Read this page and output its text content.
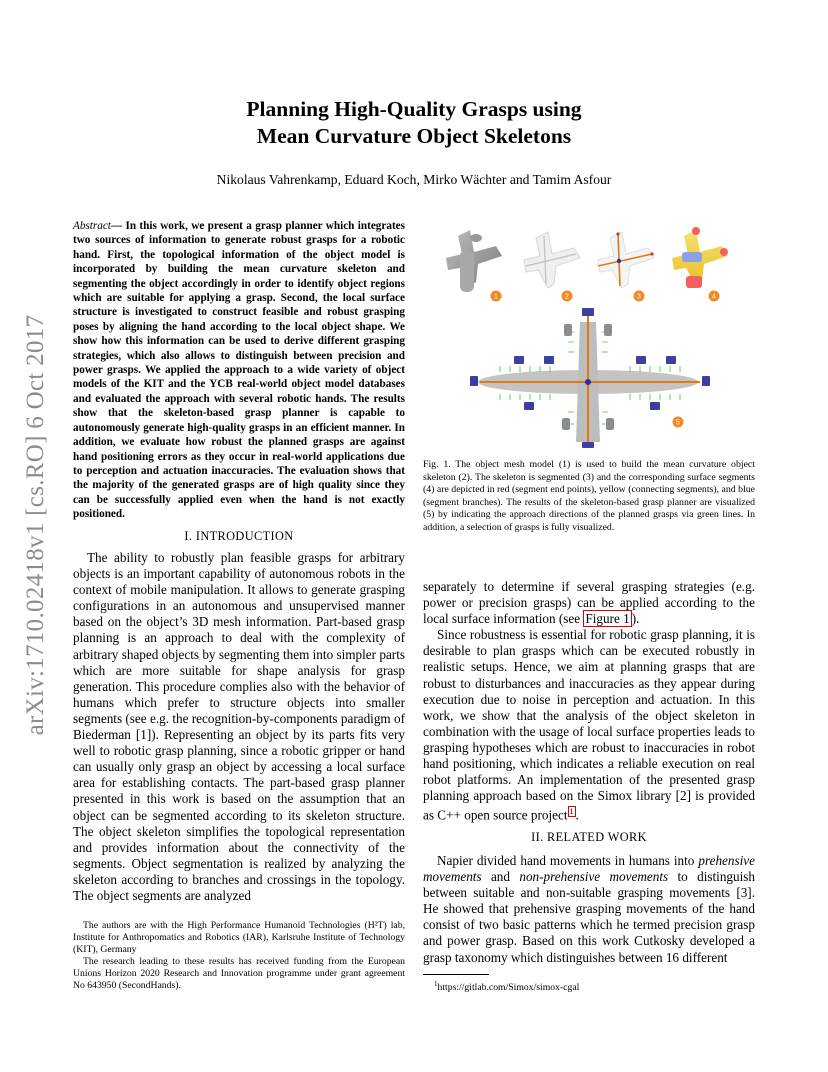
arXiv:1710.02418v1 [cs.RO] 6 Oct 2017
Planning High-Quality Grasps using
Mean Curvature Object Skeletons
Nikolaus Vahrenkamp, Eduard Koch, Mirko Wächter and Tamim Asfour
Abstract— In this work, we present a grasp planner which integrates two sources of information to generate robust grasps for a robotic hand. First, the topological information of the object model is incorporated by building the mean curvature skeleton and segmenting the object accordingly in order to identify object regions which are suitable for applying a grasp. Second, the local surface structure is investigated to construct feasible and robust grasping poses by aligning the hand according to the local object shape. We show how this information can be used to derive different grasping strategies, which also allows to distinguish between precision and power grasps. We applied the approach to a wide variety of object models of the KIT and the YCB real-world object model databases and evaluated the approach with several robotic hands. The results show that the skeleton-based grasp planner is capable to autonomously generate high-quality grasps in an efficient manner. In addition, we evaluate how robust the planned grasps are against hand positioning errors as they occur in real-world applications due to perception and actuation inaccuracies. The evaluation shows that the majority of the generated grasps are of high quality since they can be successfully applied even when the hand is not exactly positioned.
I. INTRODUCTION

The ability to robustly plan feasible grasps for arbitrary objects is an important capability of autonomous robots in the context of mobile manipulation. It allows to generate grasping configurations in an autonomous and unsupervised manner based on the object’s 3D mesh information. Part-based grasp planning is an approach to deal with the complexity of arbitrary shaped objects by segmenting them into simpler parts which are more suitable for shape analysis for grasp generation. This procedure complies also with the behavior of humans which prefer to structure objects into smaller segments (see e.g. the recognition-by-components paradigm of Biederman [1]). Representing an object by its parts fits very well to robotic grasp planning, since a robotic gripper or hand can usually only grasp an object by accessing a local surface area for establishing contacts. The part-based grasp planner presented in this work is based on the assumption that an object can be segmented according to its skeleton structure. The object skeleton simplifies the topological representation and provides information about the connectivity of the segments. Object segmentation is realized by analyzing the skeleton according to branches and crossings in the topology. The object segments are analyzed

The authors are with the High Performance Humanoid Technologies (H²T) lab, Institute for Anthropomatics and Robotics (IAR), Karlsruhe Institute of Technology (KIT), Germany

The research leading to these results has received funding from the European Unions Horizon 2020 Research and Innovation programme under grant agreement No 643950 (SecondHands).

1	2	3	4
5
Fig. 1. The object mesh model (1) is used to build the mean curvature object skeleton (2). The skeleton is segmented (3) and the corresponding surface segments (4) are depicted in red (segment end points), yellow (connecting segments), and blue (segment branches). The results of the skeleton-based grasp planner are visualized (5) by indicating the approach directions of the planned grasps via green lines. In addition, a selection of grasps is fully visualized.

separately to determine if several grasping strategies (e.g. power or precision grasps) can be applied according to the local surface information (see Figure 1 ).

Since robustness is essential for robotic grasp planning, it is desirable to plan grasps which can be executed robustly in realistic setups. Hence, we aim at planning grasps that are robust to disturbances and inaccuracies as they appear during execution due to noise in perception and actuation. In this work, we show that the analysis of the object skeleton in combination with the usage of local surface properties leads to grasping hypotheses which are robust to inaccuracies in robot hand positioning, which indicates a reliable execution on real robot platforms. An implementation of the presented grasp planning approach based on the Simox library [2] is provided as C++ open source project $^1$ .

II. RELATED WORK

Napier divided hand movements in humans into prehensive movements and non-prehensive movements to distinguish between suitable and non-suitable grasping movements [3]. He showed that prehensive grasping movements of the hand consist of two basic patterns which he termed precision grasp and power grasp. Based on this work Cutkosky developed a grasp taxonomy which distinguishes between 16 different

$^1$https://gitlab.com/Simox/simox-cgal
